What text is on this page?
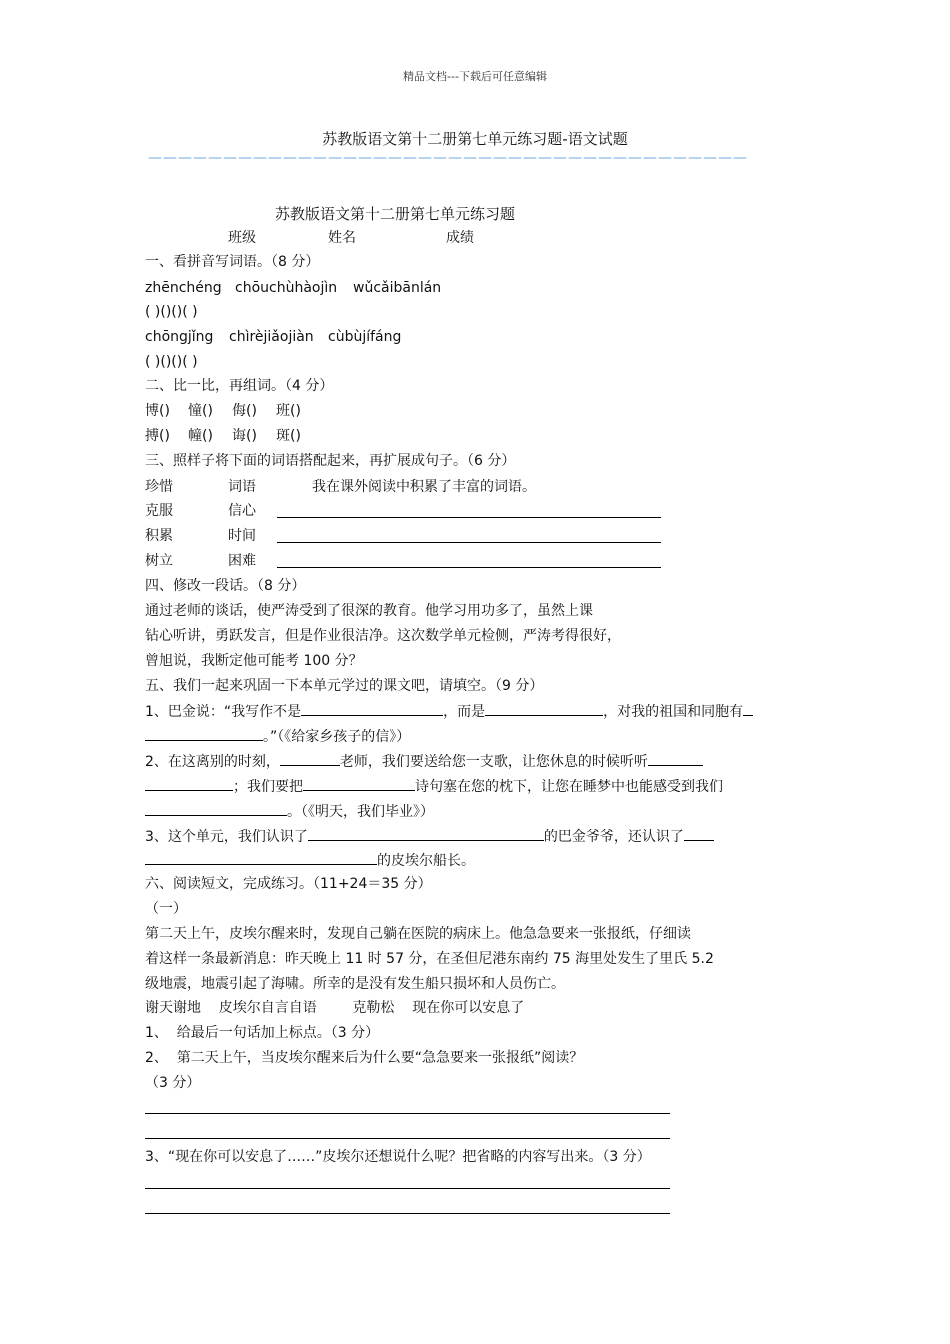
精品文档---下载后可任意编辑
苏教版语文第十二册第七单元练习题-语文试题
————————————————————————————————————————
苏教版语文第十二册第七单元练习题
班级	姓名	成绩
一、看拼音写词语。（8 分）
zhēnchéng chōuchùhàojìn wǔcǎibānlán
( )()()( )
chōngjǐng chìrèjiǎojiàn cùbùjífáng
( )()()( )
二、比一比，再组词。（4 分）
博() 憧() 侮() 班()
搏() 幢() 诲() 斑()
三、照样子将下面的词语搭配起来，再扩展成句子。（6 分）
珍惜	词语	我在课外阅读中积累了丰富的词语。
克服	信心
积累	时间
树立	困难
四、修改一段话。（8 分）
通过老师的谈话，使严涛受到了很深的教育。他学习用功多了，虽然上课
钻心听讲，勇跃发言，但是作业很洁净。这次数学单元检侧，严涛考得很好，
曾旭说，我断定他可能考 100 分？
五、我们一起来巩固一下本单元学过的课文吧，请填空。（9 分）
1、巴金说：“我写作不是	，而是	，对我的祖国和同胞有
。”（《给家乡孩子的信》）
2、在这离别的时刻，	老师，我们要送给您一支歌，让您休息的时候听听
；我们要把	诗句塞在您的枕下，让您在睡梦中也能感受到我们
。（《明天，我们毕业》）
3、这个单元，我们认识了	的巴金爷爷，还认识了
的皮埃尔船长。
六、阅读短文，完成练习。（11+24＝35 分）
（一）
第二天上午，皮埃尔醒来时，发现自己躺在医院的病床上。他急急要来一张报纸，仔细读
着这样一条最新消息：昨天晚上 11 时 57 分，在圣但尼港东南约 75 海里处发生了里氏 5.2
级地震，地震引起了海啸。所幸的是没有发生船只损坏和人员伤亡。
谢天谢地    皮埃尔自言自语        克勒松    现在你可以安息了
1、  给最后一句话加上标点。（3 分）
2、  第二天上午，当皮埃尔醒来后为什么要“急急要来一张报纸”阅读？
（3 分）
3、“现在你可以安息了……”皮埃尔还想说什么呢？把省略的内容写出来。（3 分）
